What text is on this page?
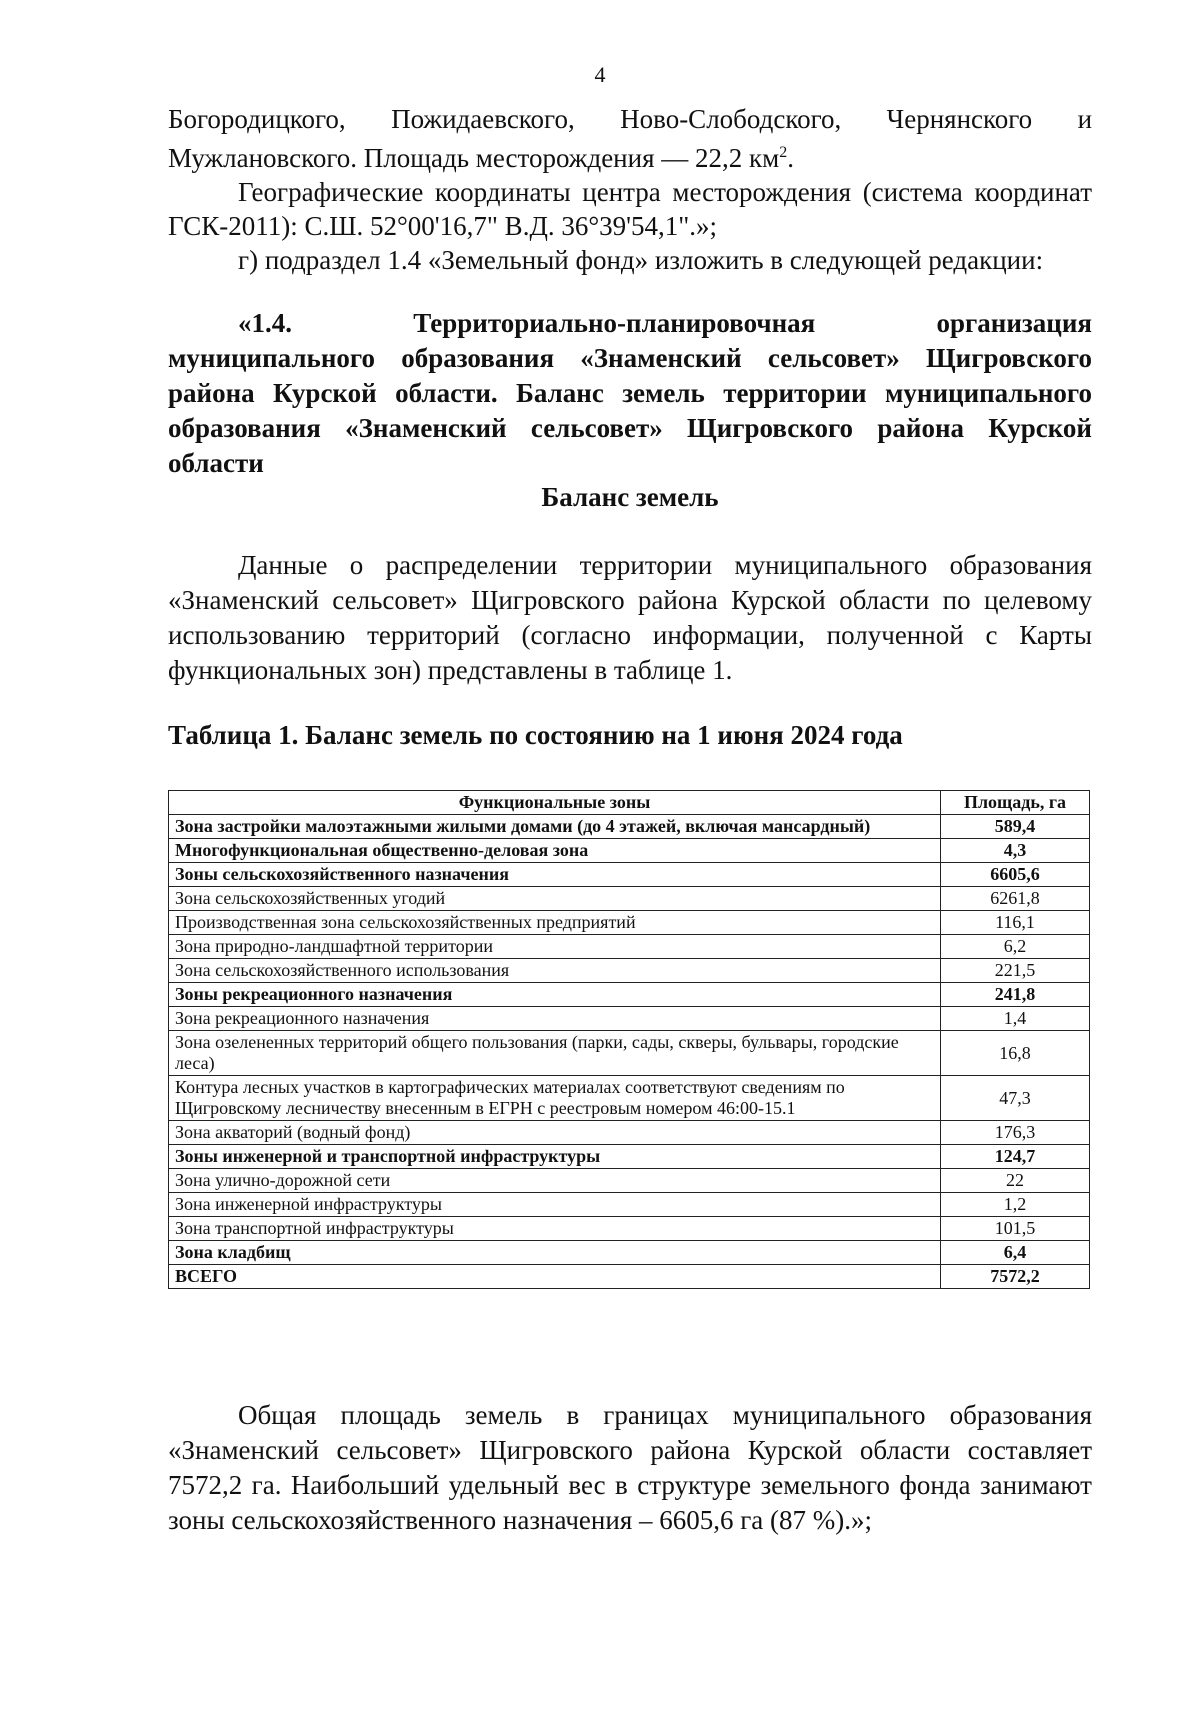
4

Богородицкого, Пожидаевского, Ново-Слободского, Чернянского и

Мужлановского. Площадь месторождения — 22,2 $км^2$.

Географические координаты центра месторождения (система координат ГСК-2011): С.Ш. 52°00'16,7" В.Д. 36°39'54,1".»;

г) подраздел 1.4 «Земельный фонд» изложить в следующей редакции:

«1.4.	Территориально-планировочная	организация

муниципального образования «Знаменский сельсовет» Щигровского района Курской области. Баланс земель территории муниципального образования «Знаменский сельсовет» Щигровского района Курской области

Баланс земель

Данные о распределении территории муниципального образования «Знаменский сельсовет» Щигровского района Курской области по целевому использованию территорий (согласно информации, полученной с Карты функциональных зон) представлены в таблице 1.

Таблица 1. Баланс земель по состоянию на 1 июня 2024 года
Функциональные зоны	Площадь, га
Зона застройки малоэтажными жилыми домами (до 4 этажей, включая мансардный)	589,4
Многофункциональная общественно-деловая зона	4,3
Зоны сельскохозяйственного назначения	6605,6
Зона сельскохозяйственных угодий	6261,8
Производственная зона сельскохозяйственных предприятий	116,1
Зона природно-ландшафтной территории	6,2
Зона сельскохозяйственного использования	221,5
Зоны рекреационного назначения	241,8
Зона рекреационного назначения	1,4
Зона озелененных территорий общего пользования (парки, сады, скверы, бульвары, городские леса)	16,8
Контура лесных участков в картографических материалах соответствуют сведениям по Щигровскому лесничеству внесенным в ЕГРН с реестровым номером 46:00-15.1	47,3
Зона акваторий (водный фонд)	176,3
Зоны инженерной и транспортной инфраструктуры	124,7
Зона улично-дорожной сети	22
Зона инженерной инфраструктуры	1,2
Зона транспортной инфраструктуры	101,5
Зона кладбищ	6,4
ВСЕГО	7572,2

Общая площадь земель в границах муниципального образования «Знаменский сельсовет» Щигровского района Курской области составляет 7572,2 га. Наибольший удельный вес в структуре земельного фонда занимают зоны сельскохозяйственного назначения – 6605,6 га (87 %).»;
